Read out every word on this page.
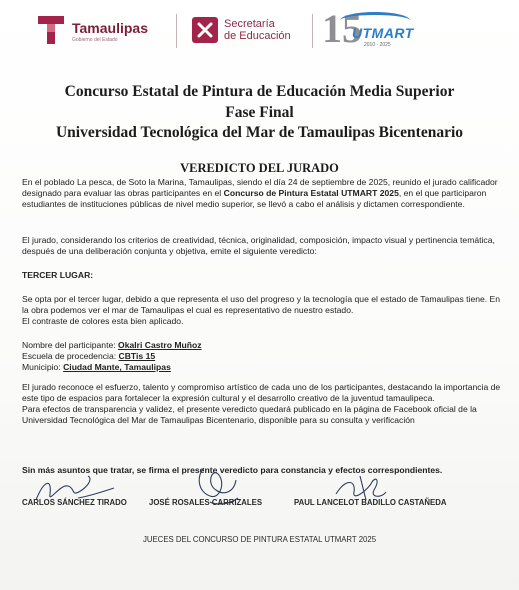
Tamaulipas
Gobierno del Estado
Secretaría
de Educación 15
UTMART
2010 · 2025
Concurso Estatal de Pintura de Educación Media Superior
Fase Final
Universidad Tecnológica del Mar de Tamaulipas Bicentenario
VEREDICTO DEL JURADO

En el poblado La pesca, de Soto la Marina, Tamaulipas, siendo el día 24 de septiembre de 2025, reunido el jurado calificador designado para evaluar las obras participantes en el Concurso de Pintura Estatal UTMART 2025, en el que participaron estudiantes de instituciones públicas de nivel medio superior, se llevó a cabo el análisis y dictamen correspondiente.

El jurado, considerando los criterios de creatividad, técnica, originalidad, composición, impacto visual y pertinencia temática, después de una deliberación conjunta y objetiva, emite el siguiente veredicto:

TERCER LUGAR:

Se opta por el tercer lugar, debido a que representa el uso del progreso y la tecnología que el estado de Tamaulipas tiene. En la obra podemos ver el mar de Tamaulipas el cual es representativo de nuestro estado.

El contraste de colores esta bien aplicado.

Nombre del participante: Okalri Castro Muñoz
Escuela de procedencia: CBTis 15
Municipio: Ciudad Mante, Tamaulipas

El jurado reconoce el esfuerzo, talento y compromiso artístico de cada uno de los participantes, destacando la importancia de este tipo de espacios para fortalecer la expresión cultural y el desarrollo creativo de la juventud tamaulipeca.

Para efectos de transparencia y validez, el presente veredicto quedará publicado en la página de Facebook oficial de la Universidad Tecnológica del Mar de Tamaulipas Bicentenario, disponible para su consulta y verificación

Sin más asuntos que tratar, se firma el presente veredicto para constancia y efectos correspondientes.
CARLOS SÁNCHEZ TIRADO	JOSÉ ROSALES CARRIZALES	PAUL LANCELOT BADILLO CASTAÑEDA
JUECES DEL CONCURSO DE PINTURA ESTATAL UTMART 2025
